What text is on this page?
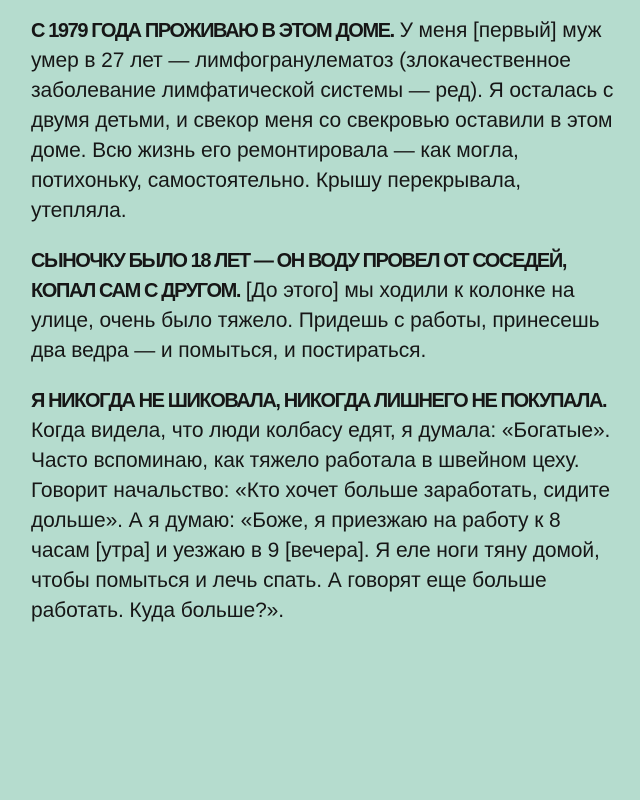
С 1979 ГОДА ПРОЖИВАЮ В ЭТОМ ДОМЕ. У меня [первый] муж умер в 27 лет — лимфогранулематоз (злокачественное заболевание лимфатической системы — ред). Я осталась с двумя детьми, и свекор меня со свекровью оставили в этом доме. Всю жизнь его ремонтировала — как могла, потихоньку, самостоятельно. Крышу перекрывала, утепляла.

СЫНОЧКУ БЫЛО 18 ЛЕТ — ОН ВОДУ ПРОВЕЛ ОТ СОСЕДЕЙ, КОПАЛ САМ С ДРУГОМ. [До этого] мы ходили к колонке на улице, очень было тяжело. Придешь с работы, принесешь два ведра — и помыться, и постираться.

Я НИКОГДА НЕ ШИКОВАЛА, НИКОГДА ЛИШНЕГО НЕ ПОКУПАЛА. Когда видела, что люди колбасу едят, я думала: «Богатые». Часто вспоминаю, как тяжело работала в швейном цеху. Говорит начальство: «Кто хочет больше заработать, сидите дольше». А я думаю: «Боже, я приезжаю на работу к 8 часам [утра] и уезжаю в 9 [вечера]. Я еле ноги тяну домой, чтобы помыться и лечь спать. А говорят еще больше работать. Куда больше?».
